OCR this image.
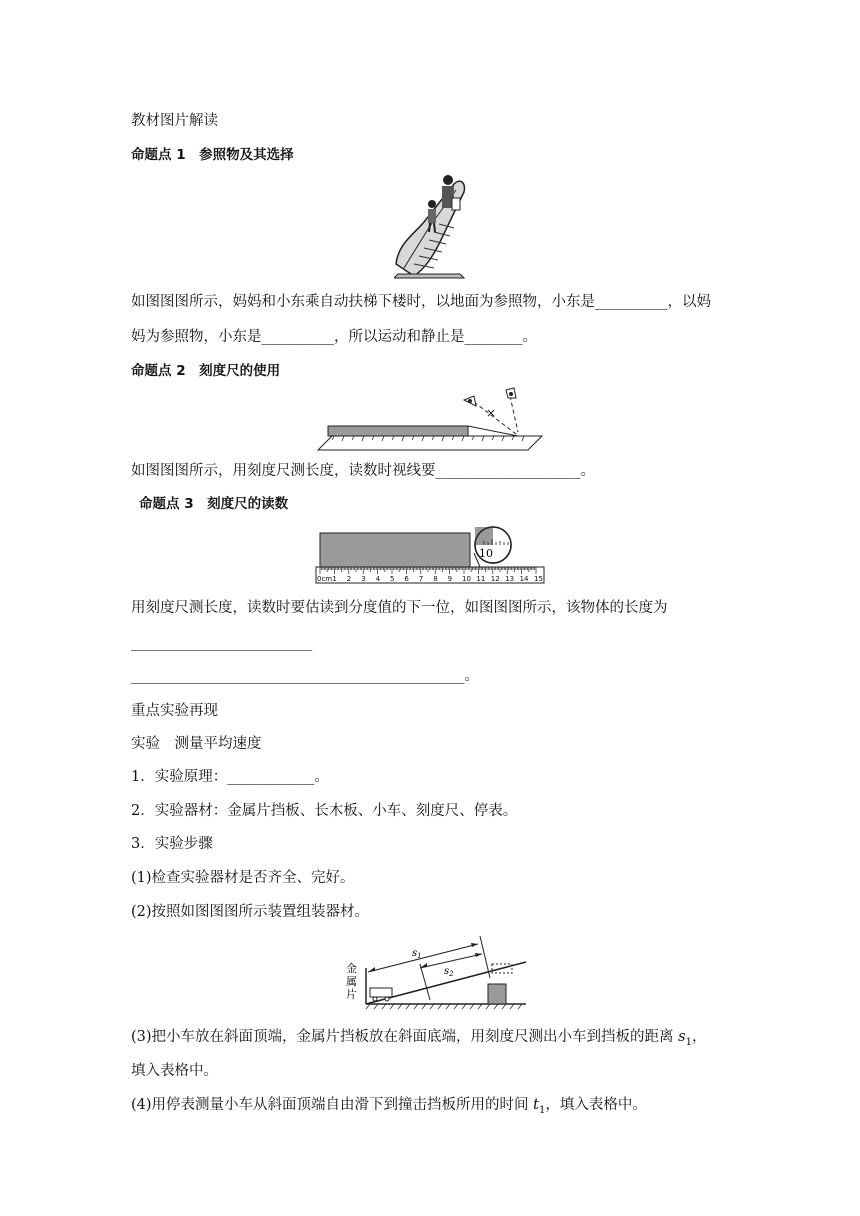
教材图片解读
命题点 1　参照物及其选择
如图图图所示，妈妈和小东乘自动扶梯下楼时，以地面为参照物，小东是__________，以妈
妈为参照物，小东是__________，所以运动和静止是________。
命题点 2　刻度尺的使用
如图图图所示，用刻度尺测长度，读数时视线要____________________。
命题点 3　刻度尺的读数
10
0cm 1 2 3 4 5 6 7 8 9 10 11 12 13 14 15
用刻度尺测长度，读数时要估读到分度值的下一位，如图图图所示，该物体的长度为
_________________________
______________________________________________。
重点实验再现
实验　测量平均速度
1．实验原理：____________。
2．实验器材：金属片挡板、长木板、小车、刻度尺、停表。
3．实验步骤
(1)检查实验器材是否齐全、完好。
(2)按照如图图图所示装置组装器材。
$s_1$
$s_2$
金
属
片
(3)把小车放在斜面顶端，金属片挡板放在斜面底端，用刻度尺测出小车到挡板的距离 $s_1$，
填入表格中。
(4)用停表测量小车从斜面顶端自由滑下到撞击挡板所用的时间 $t_1$，填入表格中。
